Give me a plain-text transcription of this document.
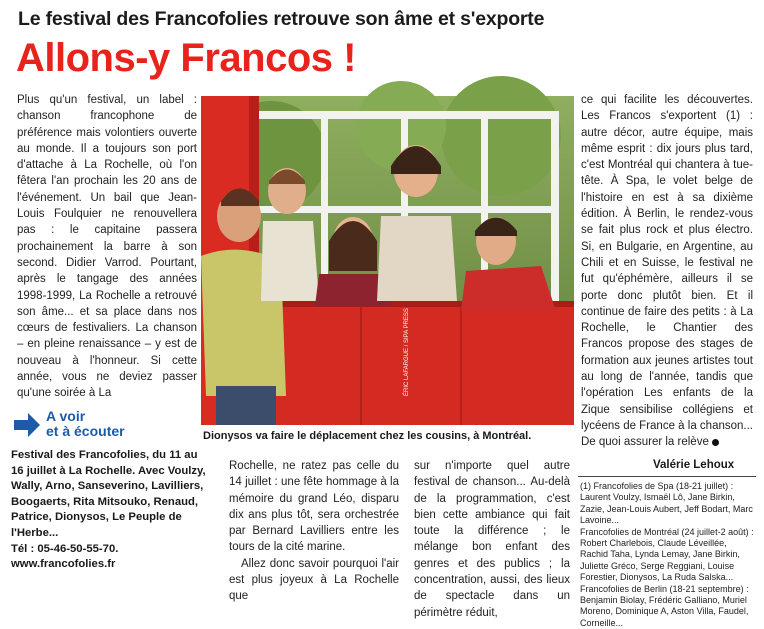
Le festival des Francofolies retrouve son âme et s'exporte
Allons-y Francos !

Plus qu'un festival, un label : chanson francophone de préférence mais volontiers ouverte au monde. Il a toujours son port d'attache à La Rochelle, où l'on fêtera l'an prochain les 20 ans de l'événement. Un bail que Jean-Louis Foulquier ne renouvellera pas : le capitaine passera prochainement la barre à son second. Didier Varrod. Pourtant, après le tangage des années 1998-1999, La Rochelle a retrouvé son âme... et sa place dans nos cœurs de festivaliers. La chanson – en pleine renaissance – y est de nouveau à l'honneur. Si cette année, vous ne deviez passer qu'une soirée à La

Dionysos va faire le déplacement chez les cousins, à Montréal.

ce qui facilite les découvertes. Les Francos s'exportent (1) : autre décor, autre équipe, mais même esprit : dix jours plus tard, c'est Montréal qui chantera à tue-tête. À Spa, le volet belge de l'histoire en est à sa dixième édition. À Berlin, le rendez-vous se fait plus rock et plus électro. Si, en Bulgarie, en Argentine, au Chili et en Suisse, le festival ne fut qu'éphémère, ailleurs il se porte donc plutôt bien. Et il continue de faire des petits : à La Rochelle, le Chantier des Francos propose des stages de formation aux jeunes artistes tout au long de l'année, tandis que l'opération Les enfants de la Zique sensibilise collégiens et lycéens de France à la chanson... De quoi assurer la relève

A voir
et à écouter
Festival des Francofolies, du 11 au 16 juillet à La Rochelle. Avec Voulzy, Wally, Arno, Sanseverino, Lavilliers, Boogaerts, Rita Mitsouko, Renaud, Patrice, Dionysos, Le Peuple de l'Herbe...
Tél : 05-46-50-55-70.
www.francofolies.fr

Rochelle, ne ratez pas celle du 14 juillet : une fête hommage à la mémoire du grand Léo, disparu dix ans plus tôt, sera orchestrée par Bernard Lavilliers entre les tours de la cité marine.

Allez donc savoir pourquoi l'air est plus joyeux à La Rochelle que

sur n'importe quel autre festival de chanson... Au-delà de la programmation, c'est bien cette ambiance qui fait toute la différence ; le mélange bon enfant des genres et des publics ; la concentration, aussi, des lieux de spectacle dans un périmètre réduit,

Valérie Lehoux

(1) Francofolies de Spa (18-21 juillet) : Laurent Voulzy, Ismaël Lô, Jane Birkin, Zazie, Jean-Louis Aubert, Jeff Bodart, Marc Lavoine...

Francofolies de Montréal (24 juillet-2 août) : Robert Charlebois, Claude Léveillée, Rachid Taha, Lynda Lemay, Jane Birkin, Juliette Gréco, Serge Reggiani, Louise Forestier, Dionysos, La Ruda Salska...

Francofolies de Berlin (18-21 septembre) : Benjamin Biolay, Frédéric Galliano, Muriel Moreno, Dominique A, Aston Villa, Faudel, Corneille...
